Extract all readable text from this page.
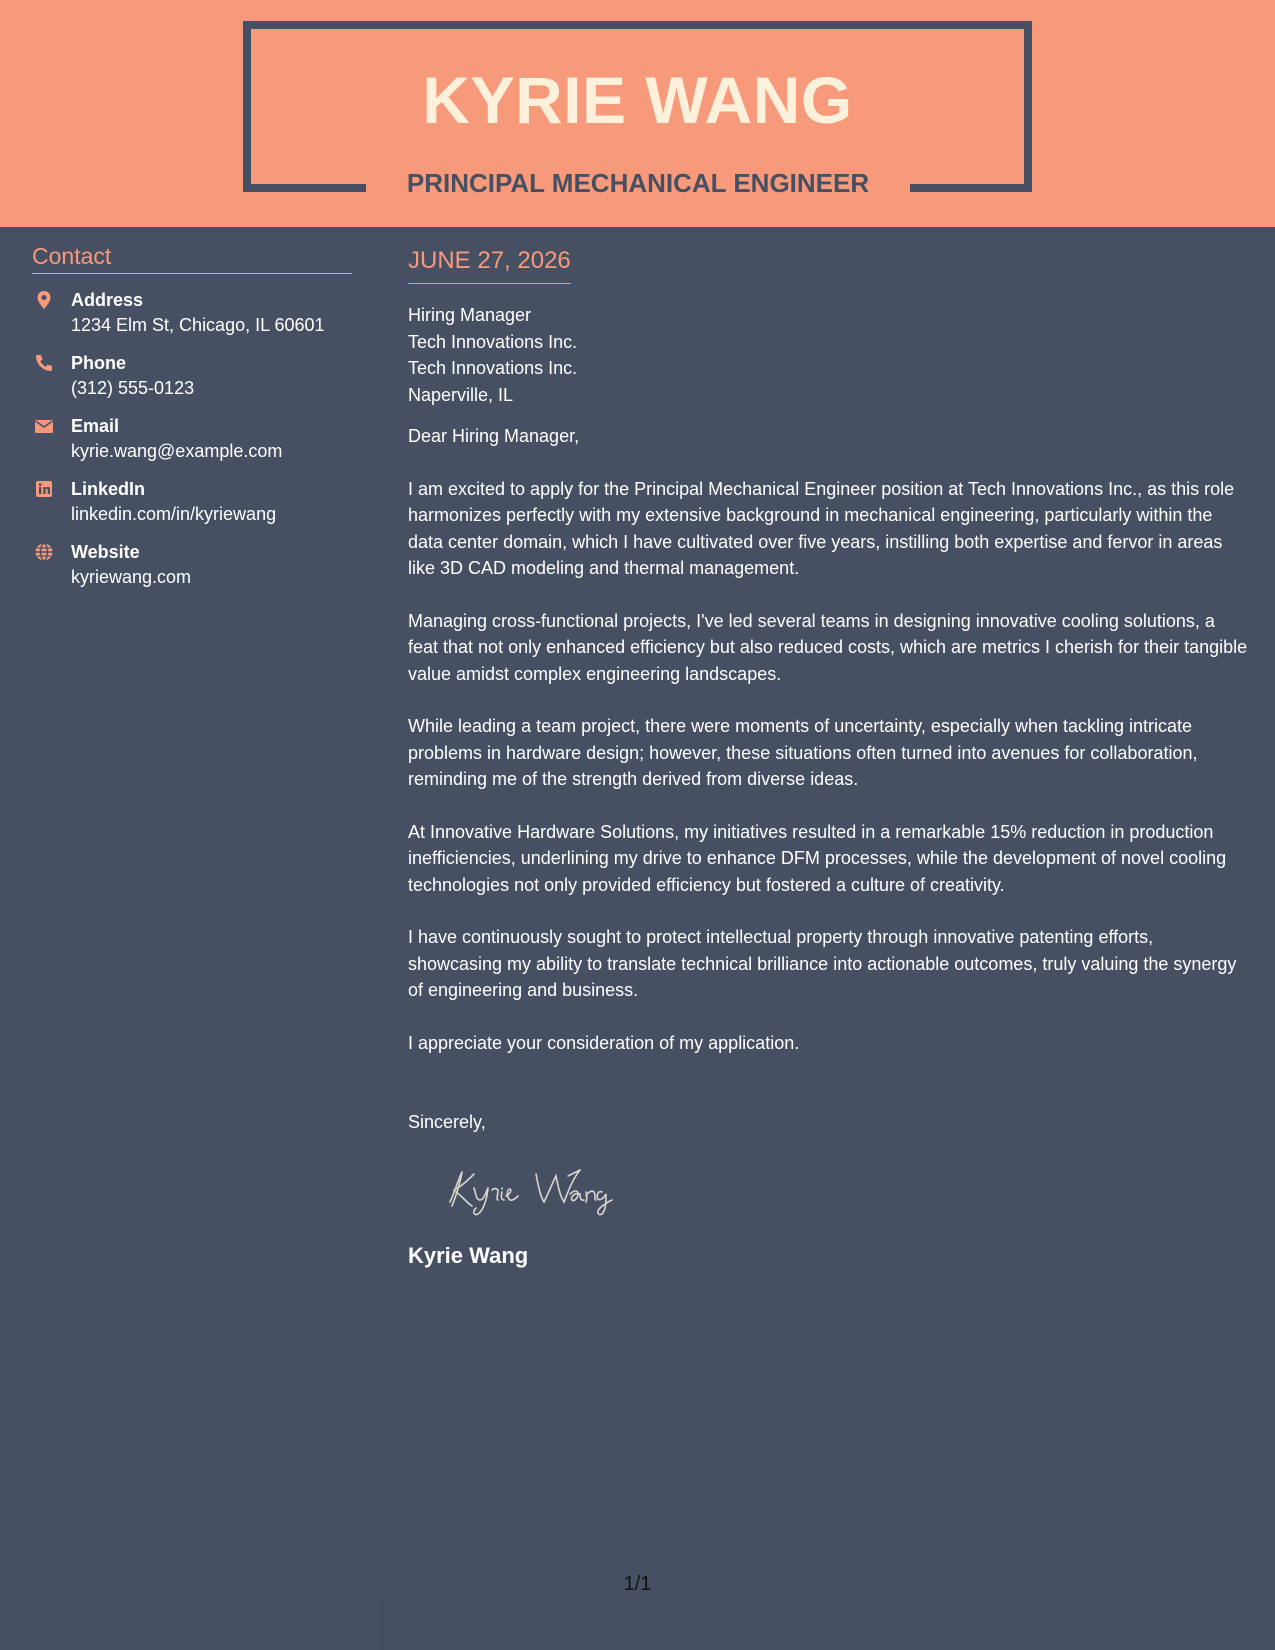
KYRIE WANG
PRINCIPAL MECHANICAL ENGINEER
Contact
Address
1234 Elm St, Chicago, IL 60601
Phone
(312) 555-0123
Email
kyrie.wang@example.com
LinkedIn
linkedin.com/in/kyriewang
Website
kyriewang.com
JUNE 27, 2026
Hiring Manager
Tech Innovations Inc.
Tech Innovations Inc.
Naperville, IL
Dear Hiring Manager,

I am excited to apply for the Principal Mechanical Engineer position at Tech Innovations Inc., as this role harmonizes perfectly with my extensive background in mechanical engineering, particularly within the data center domain, which I have cultivated over five years, instilling both expertise and fervor in areas like 3D CAD modeling and thermal management.

Managing cross-functional projects, I've led several teams in designing innovative cooling solutions, a feat that not only enhanced efficiency but also reduced costs, which are metrics I cherish for their tangible value amidst complex engineering landscapes.

While leading a team project, there were moments of uncertainty, especially when tackling intricate problems in hardware design; however, these situations often turned into avenues for collaboration, reminding me of the strength derived from diverse ideas.

At Innovative Hardware Solutions, my initiatives resulted in a remarkable 15% reduction in production inefficiencies, underlining my drive to enhance DFM processes, while the development of novel cooling technologies not only provided efficiency but fostered a culture of creativity.

I have continuously sought to protect intellectual property through innovative patenting efforts, showcasing my ability to translate technical brilliance into actionable outcomes, truly valuing the synergy of engineering and business.

I appreciate your consideration of my application.

Sincerely,
Kyrie Wang
1/1
